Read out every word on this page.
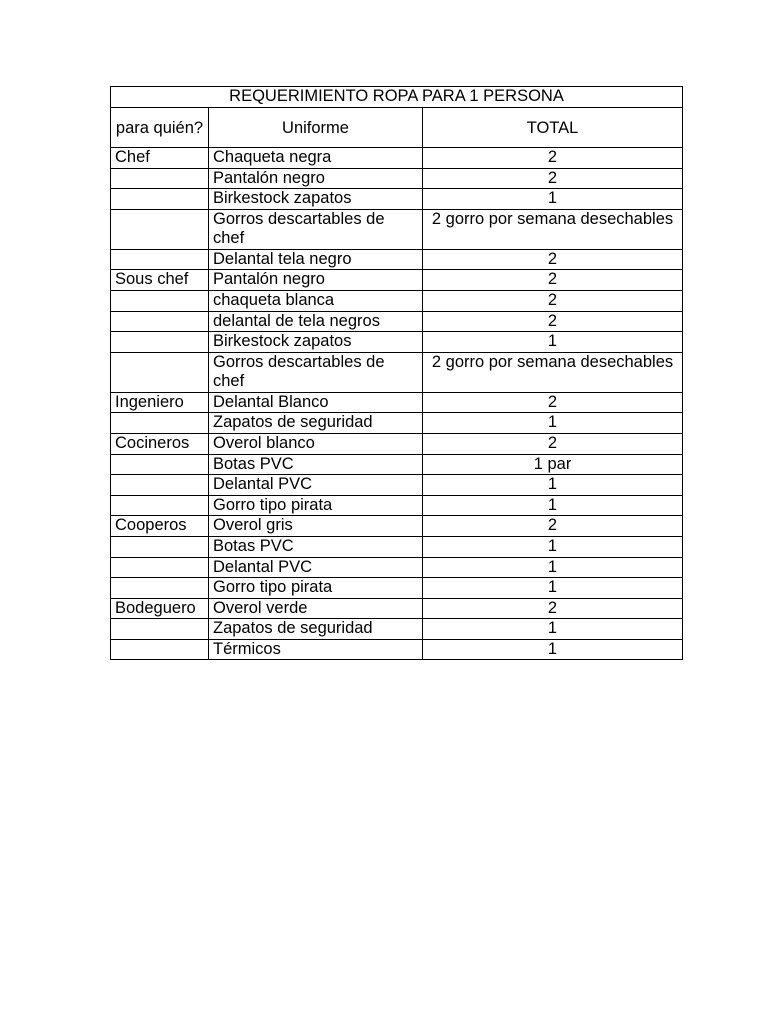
REQUERIMIENTO ROPA PARA 1 PERSONA		
para quién?	Uniforme	TOTAL
Chef	Chaqueta negra	2
	Pantalón negro	2
	Birkestock zapatos	1
	Gorros descartables de chef	2 gorro por semana desechables
	Delantal tela negro	2
Sous chef	Pantalón negro	2
	chaqueta blanca	2
	delantal de tela negros	2
	Birkestock zapatos	1
	Gorros descartables de chef	2 gorro por semana desechables
Ingeniero	Delantal Blanco	2
	Zapatos de seguridad	1
Cocineros	Overol blanco	2
	Botas PVC	1 par
	Delantal PVC	1
	Gorro tipo pirata	1
Cooperos	Overol gris	2
	Botas PVC	1
	Delantal PVC	1
	Gorro tipo pirata	1
Bodeguero	Overol verde	2
	Zapatos de seguridad	1
	Térmicos	1
